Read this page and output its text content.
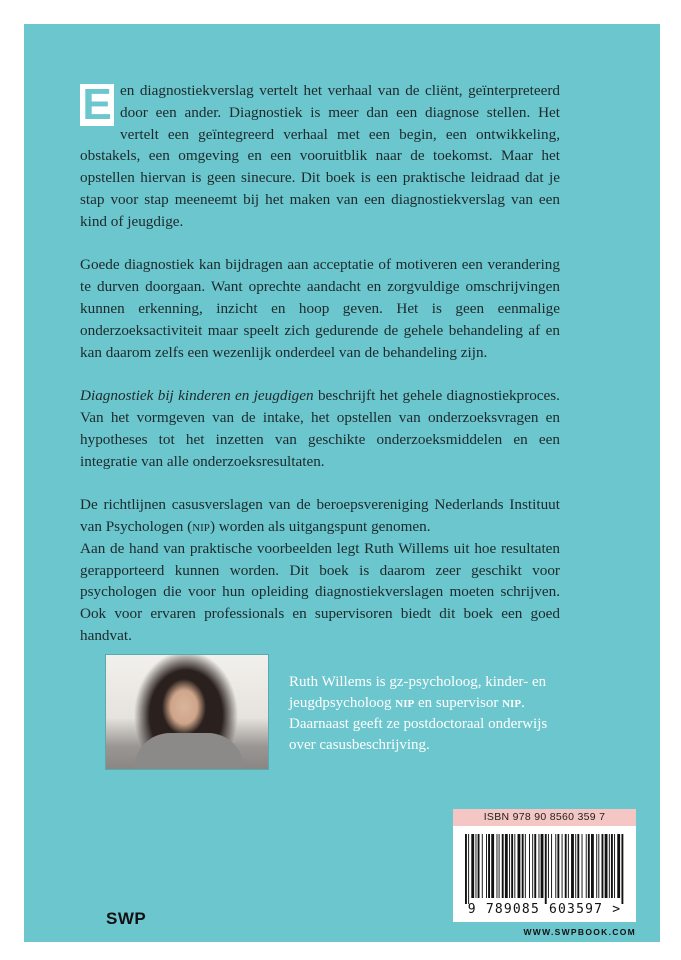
E en diagnostiekverslag vertelt het verhaal van de cliënt, geïnterpreteerd door een ander. Diagnostiek is meer dan een diagnose stellen. Het vertelt een geïntegreerd verhaal met een begin, een ontwikkeling, obstakels, een omgeving en een vooruitblik naar de toekomst. Maar het opstellen hiervan is geen sinecure. Dit boek is een praktische leidraad dat je stap voor stap meeneemt bij het maken van een diagnostiekverslag van een kind of jeugdige.

Goede diagnostiek kan bijdragen aan acceptatie of motiveren een verandering te durven doorgaan. Want oprechte aandacht en zorgvuldige omschrijvingen kunnen erkenning, inzicht en hoop geven. Het is geen eenmalige onderzoeksactiviteit maar speelt zich gedurende de gehele behandeling af en kan daarom zelfs een wezenlijk onderdeel van de behandeling zijn.

Diagnostiek bij kinderen en jeugdigen beschrijft het gehele diagnostiekproces. Van het vormgeven van de intake, het opstellen van onderzoeksvragen en hypotheses tot het inzetten van geschikte onderzoeksmiddelen en een integratie van alle onderzoeksresultaten.

De richtlijnen casusverslagen van de beroepsvereniging Nederlands Instituut van Psychologen (nip) worden als uitgangspunt genomen.

Aan de hand van praktische voorbeelden legt Ruth Willems uit hoe resultaten gerapporteerd kunnen worden. Dit boek is daarom zeer geschikt voor psychologen die voor hun opleiding diagnostiekverslagen moeten schrijven. Ook voor ervaren professionals en supervisoren biedt dit boek een goed handvat.

Ruth Willems is gz-psycholoog, kinder- en jeugdpsycholoog nip en supervisor nip. Daarnaast geeft ze postdoctoraal onderwijs over casusbeschrijving.
ISBN 978 90 8560 359 7
9 789085 603597 >
SWP
WWW.SWPBOOK.COM
